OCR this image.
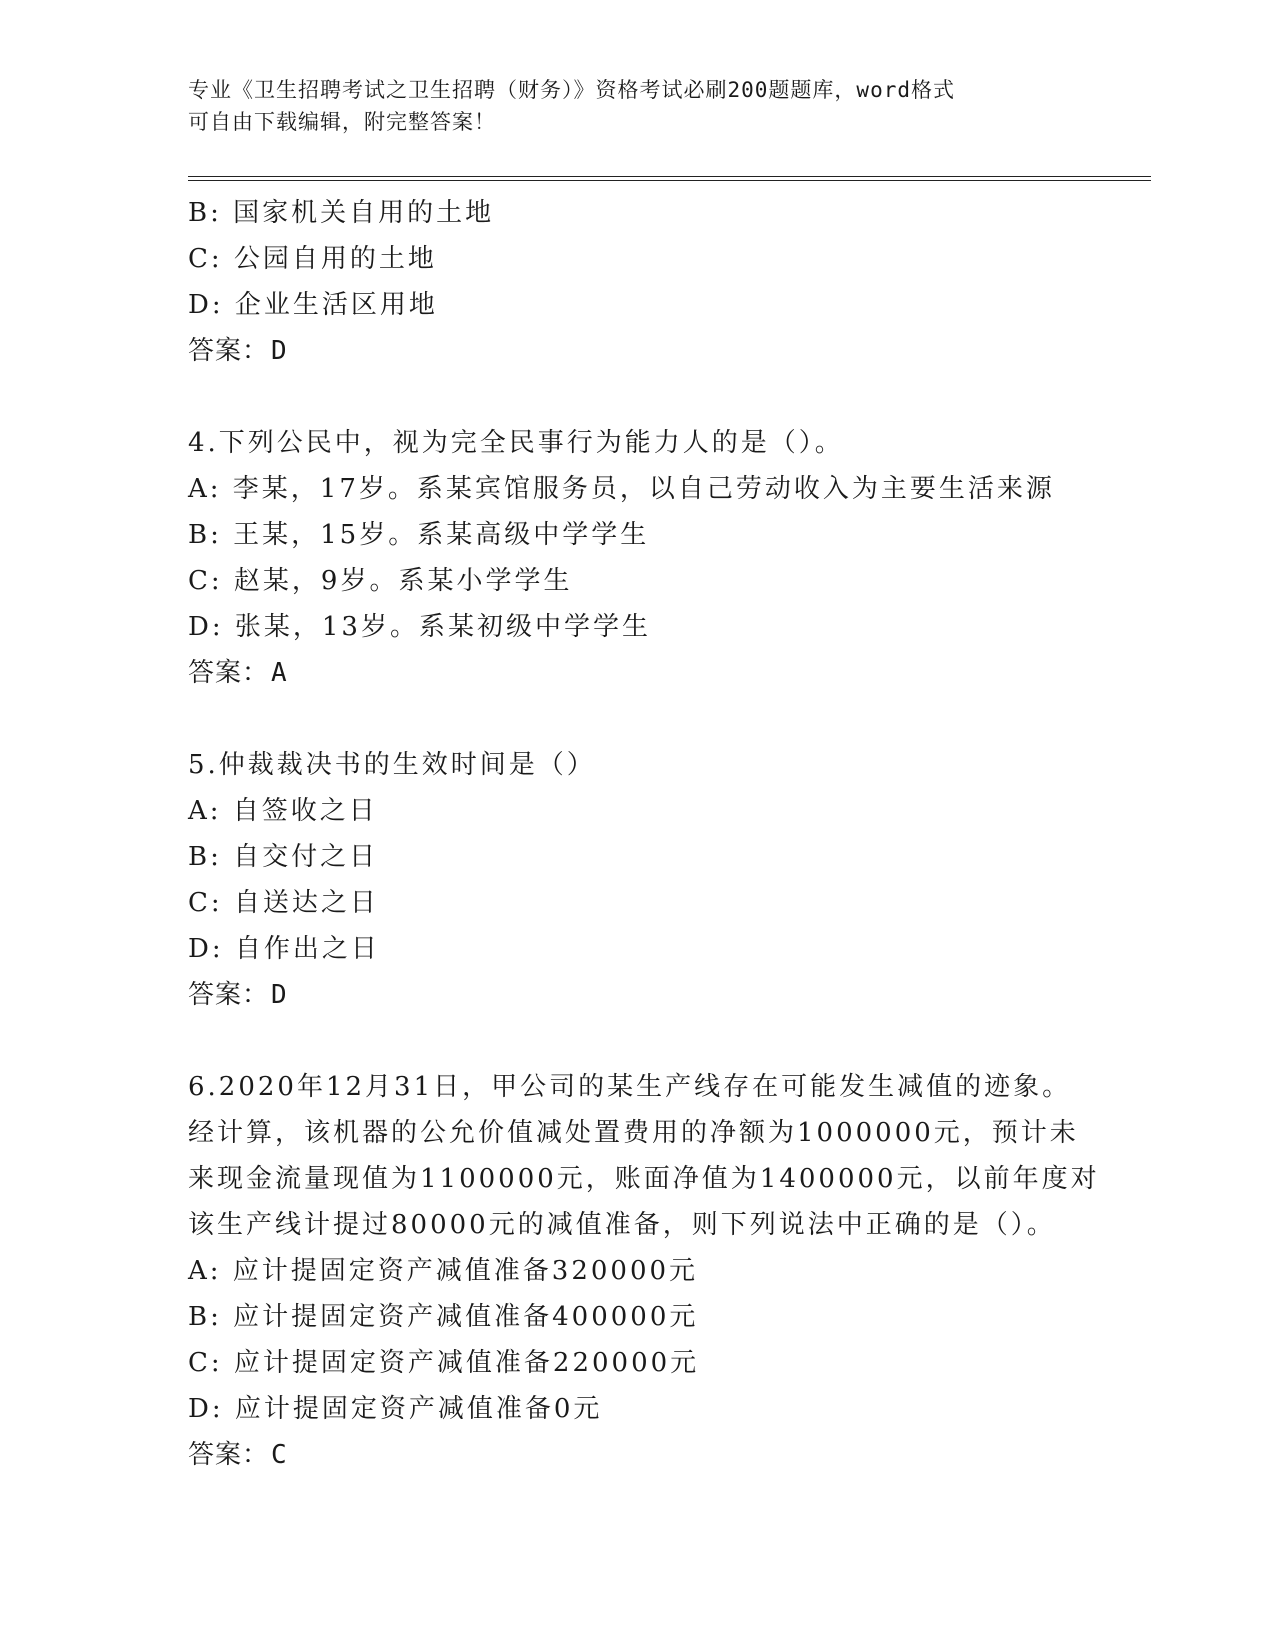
专业《卫生招聘考试之卫生招聘（财务）》资格考试必刷200题题库，word格式
可自由下载编辑，附完整答案！
B: 国家机关自用的土地
C: 公园自用的土地
D: 企业生活区用地
答案：D
4.下列公民中，视为完全民事行为能力人的是（）。
A: 李某，17岁。系某宾馆服务员，以自己劳动收入为主要生活来源
B: 王某，15岁。系某高级中学学生
C: 赵某，9岁。系某小学学生
D: 张某，13岁。系某初级中学学生
答案：A
5.仲裁裁决书的生效时间是（）
A: 自签收之日
B: 自交付之日
C: 自送达之日
D: 自作出之日
答案：D
6.2020年12月31日，甲公司的某生产线存在可能发生减值的迹象。
经计算，该机器的公允价值减处置费用的净额为1000000元，预计未
来现金流量现值为1100000元，账面净值为1400000元，以前年度对
该生产线计提过80000元的减值准备，则下列说法中正确的是（）。
A: 应计提固定资产减值准备320000元
B: 应计提固定资产减值准备400000元
C: 应计提固定资产减值准备220000元
D: 应计提固定资产减值准备0元
答案：C
